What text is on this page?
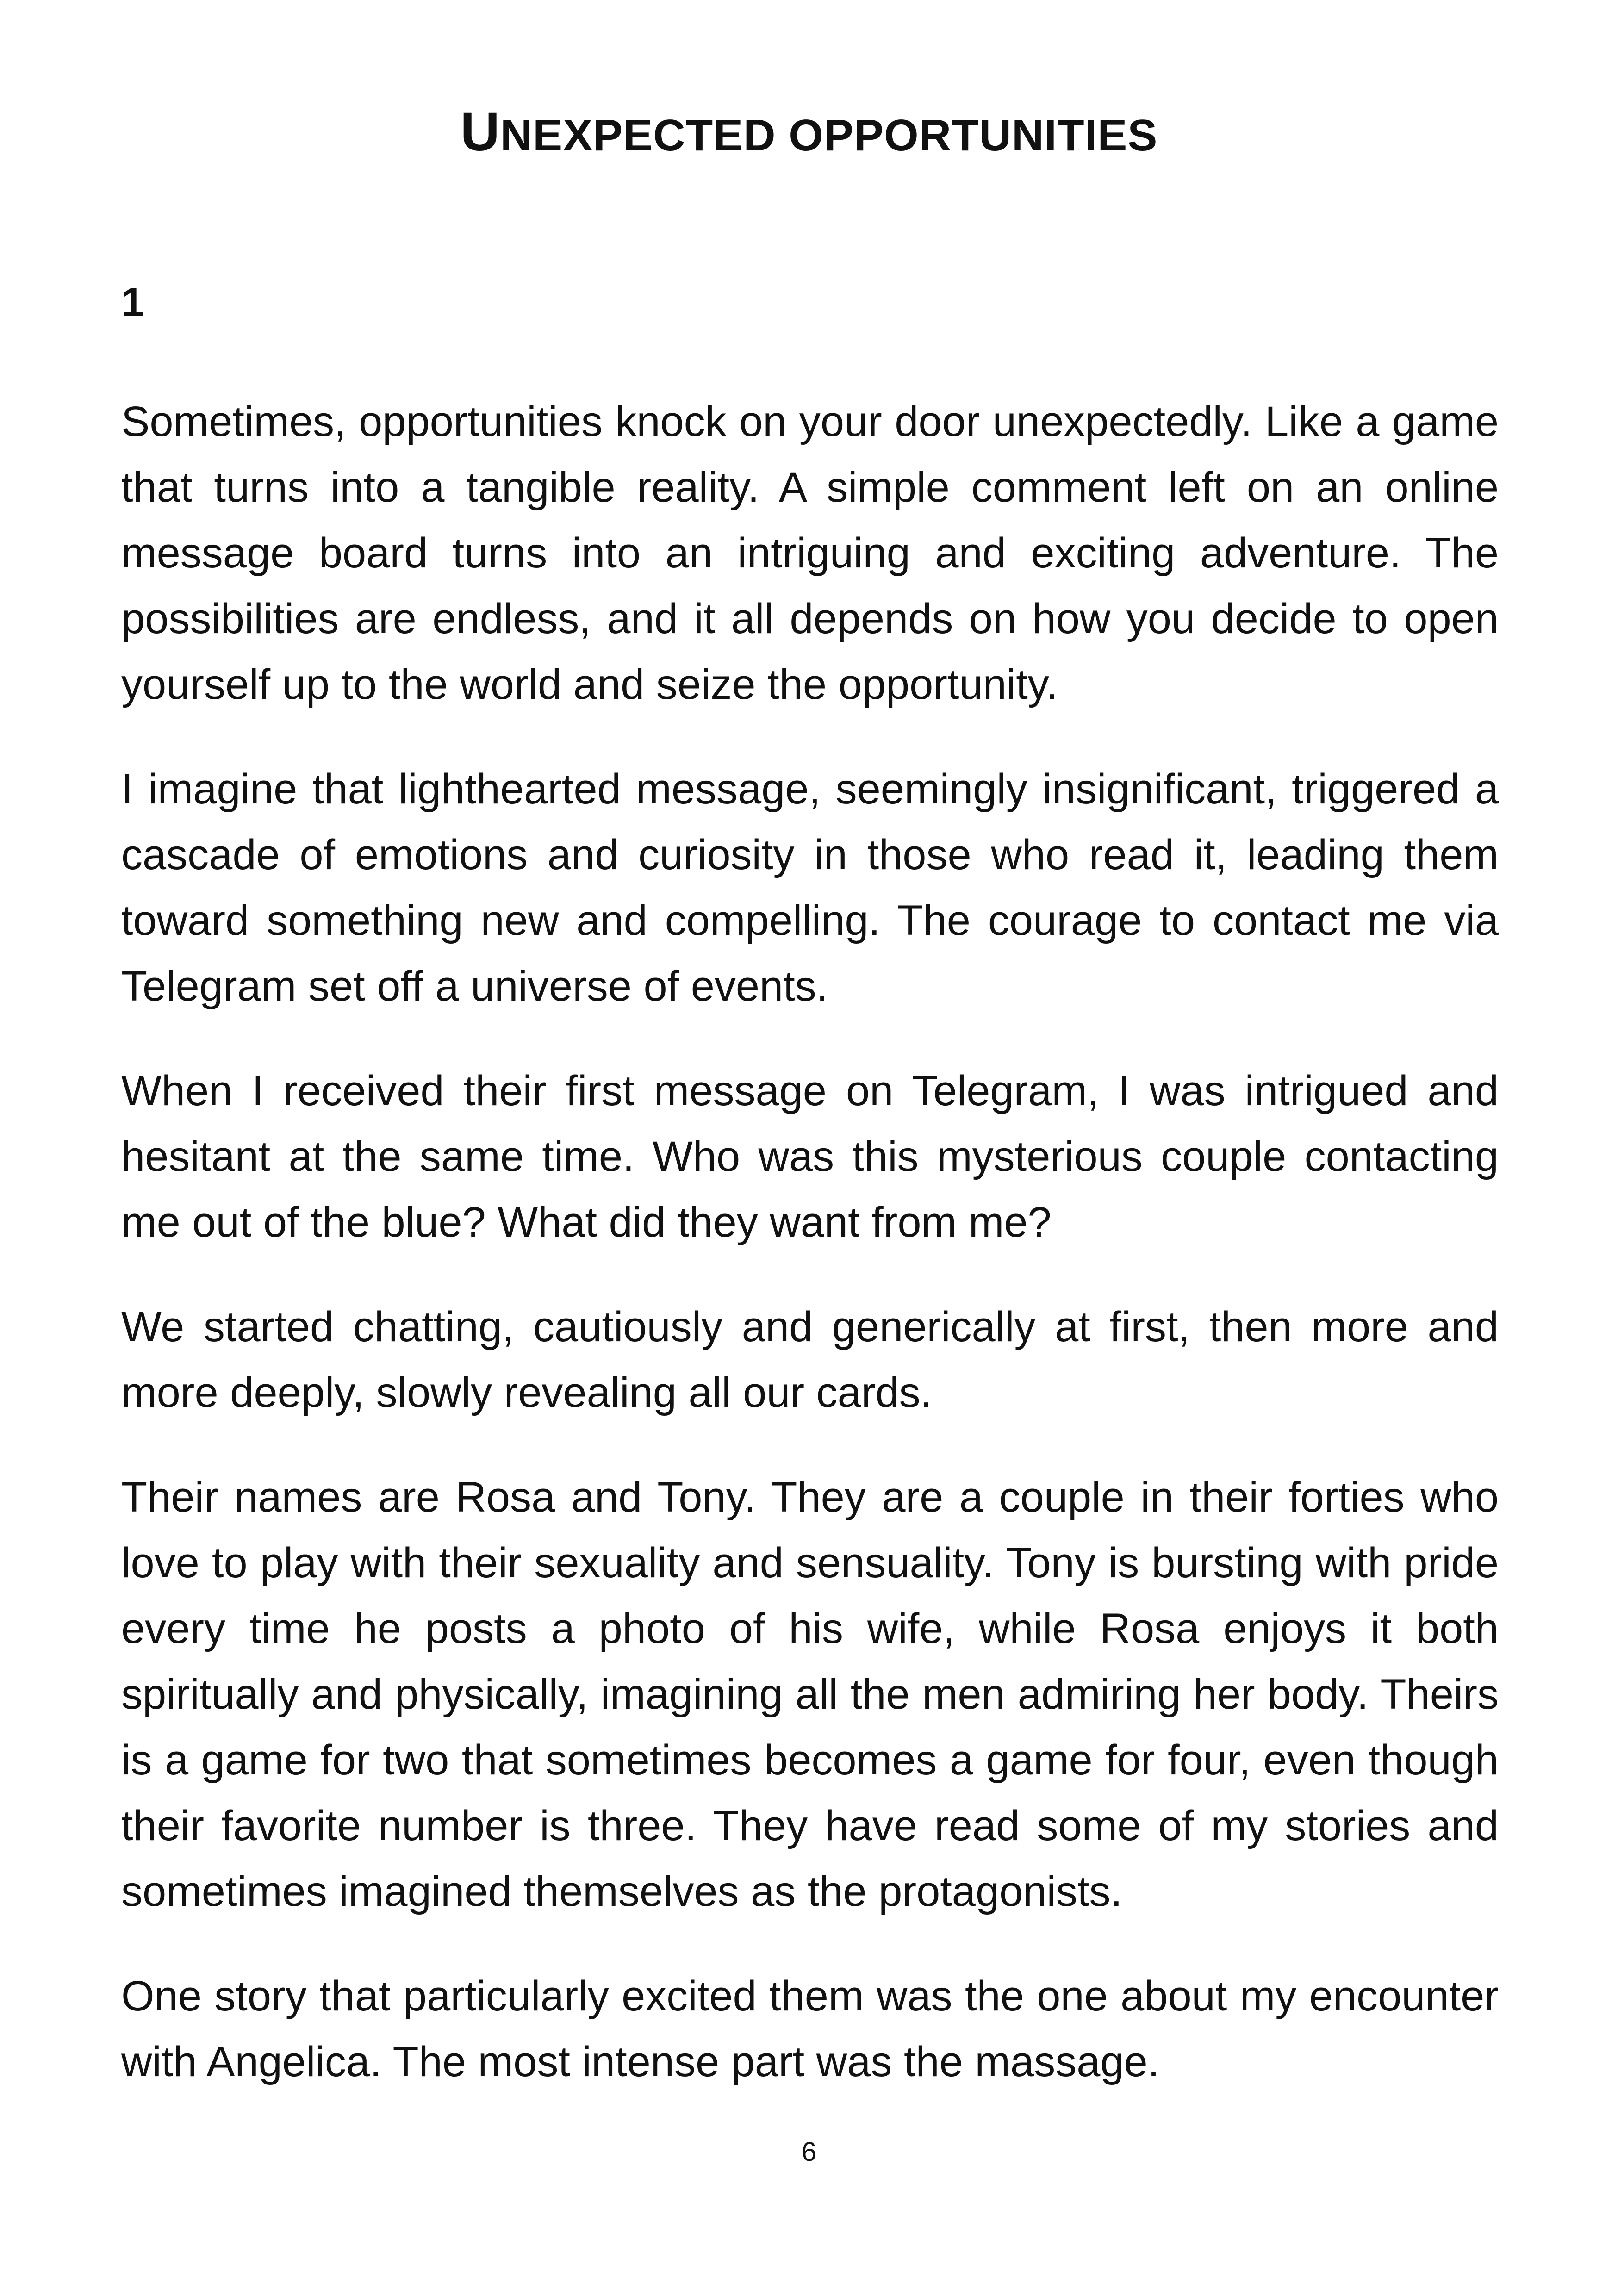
UNEXPECTED OPPORTUNITIES
1

Sometimes, opportunities knock on your door unexpectedly. Like a game that turns into a tangible reality. A simple comment left on an online message board turns into an intriguing and exciting adventure. The possibilities are endless, and it all depends on how you decide to open yourself up to the world and seize the opportunity.

I imagine that lighthearted message, seemingly insignificant, triggered a cascade of emotions and curiosity in those who read it, leading them toward something new and compelling. The courage to contact me via Telegram set off a universe of events.

When I received their first message on Telegram, I was intrigued and hesitant at the same time. Who was this mysterious couple contacting me out of the blue? What did they want from me?

We started chatting, cautiously and generically at first, then more and more deeply, slowly revealing all our cards.

Their names are Rosa and Tony. They are a couple in their forties who love to play with their sexuality and sensuality. Tony is bursting with pride every time he posts a photo of his wife, while Rosa enjoys it both spiritually and physically, imagining all the men admiring her body. Theirs is a game for two that sometimes becomes a game for four, even though their favorite number is three. They have read some of my stories and sometimes imagined themselves as the protagonists.

One story that particularly excited them was the one about my encounter with Angelica. The most intense part was the massage.

6
